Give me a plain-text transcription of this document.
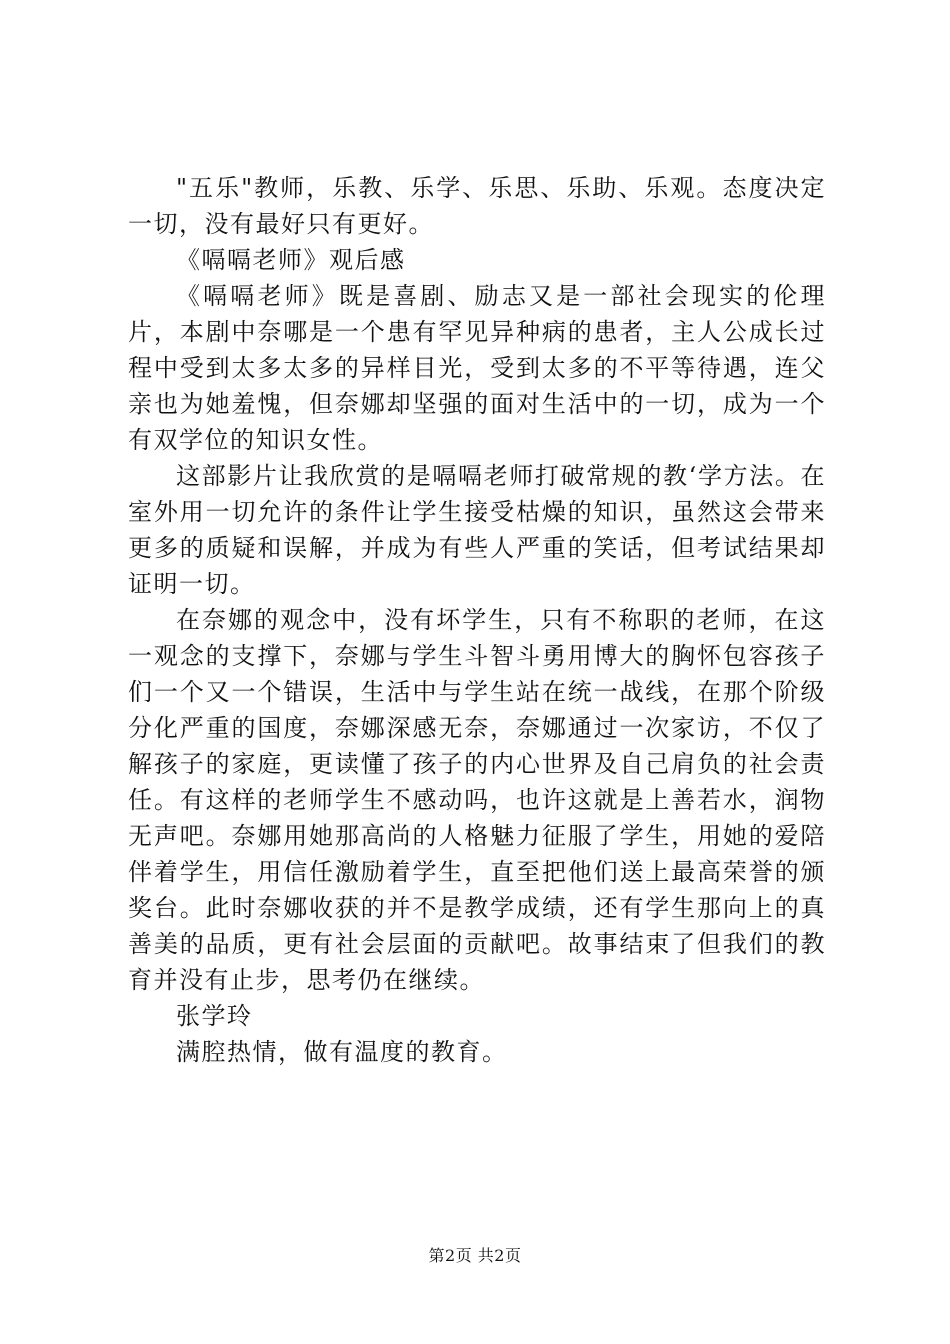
"五乐"教师，乐教、乐学、乐思、乐助、乐观。态度决定一切，没有最好只有更好。

《嗝嗝老师》观后感

《嗝嗝老师》既是喜剧、励志又是一部社会现实的伦理片，本剧中奈哪是一个患有罕见异种病的患者，主人公成长过程中受到太多太多的异样目光，受到太多的不平等待遇，连父亲也为她羞愧，但奈娜却坚强的面对生活中的一切，成为一个有双学位的知识女性。

这部影片让我欣赏的是嗝嗝老师打破常规的教‘学方法。在室外用一切允许的条件让学生接受枯燥的知识，虽然这会带来更多的质疑和误解，并成为有些人严重的笑话，但考试结果却证明一切。

在奈娜的观念中，没有坏学生，只有不称职的老师，在这一观念的支撑下，奈娜与学生斗智斗勇用博大的胸怀包容孩子们一个又一个错误，生活中与学生站在统一战线，在那个阶级分化严重的国度，奈娜深感无奈，奈娜通过一次家访，不仅了解孩子的家庭，更读懂了孩子的内心世界及自己肩负的社会责任。有这样的老师学生不感动吗，也许这就是上善若水，润物无声吧。奈娜用她那高尚的人格魅力征服了学生，用她的爱陪伴着学生，用信任激励着学生，直至把他们送上最高荣誉的颁奖台。此时奈娜收获的并不是教学成绩，还有学生那向上的真善美的品质，更有社会层面的贡献吧。故事结束了但我们的教育并没有止步，思考仍在继续。

张学玲

满腔热情，做有温度的教育。

第2页 共2页
